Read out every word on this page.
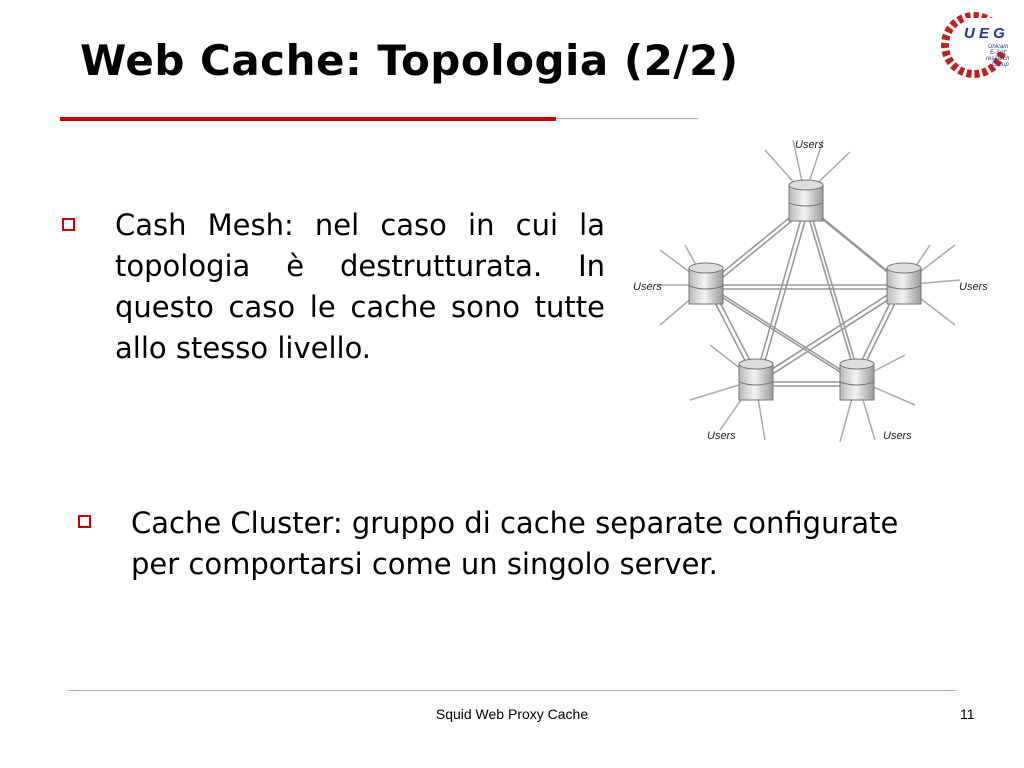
Web Cache: Topologia (2/2)
U E G
Unicam
E-Ser
research
Group
Cash Mesh: nel caso in cui la topologia è destrutturata. In questo caso le cache sono tutte allo stesso livello.
Cache Cluster: gruppo di cache separate configurate per comportarsi come un singolo server.
Users
Users	Users
Users	Users
Squid Web Proxy Cache	11
